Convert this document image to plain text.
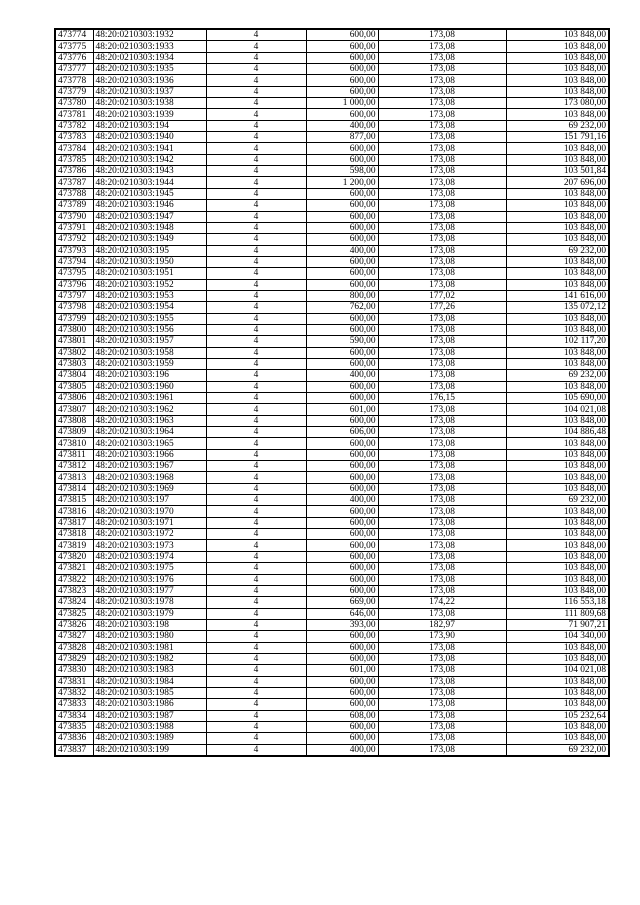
473774	48:20:0210303:1932	4	600,00	173,08	103 848,00
473775	48:20:0210303:1933	4	600,00	173,08	103 848,00
473776	48:20:0210303:1934	4	600,00	173,08	103 848,00
473777	48:20:0210303:1935	4	600,00	173,08	103 848,00
473778	48:20:0210303:1936	4	600,00	173,08	103 848,00
473779	48:20:0210303:1937	4	600,00	173,08	103 848,00
473780	48:20:0210303:1938	4	1 000,00	173,08	173 080,00
473781	48:20:0210303:1939	4	600,00	173,08	103 848,00
473782	48:20:0210303:194	4	400,00	173,08	69 232,00
473783	48:20:0210303:1940	4	877,00	173,08	151 791,16
473784	48:20:0210303:1941	4	600,00	173,08	103 848,00
473785	48:20:0210303:1942	4	600,00	173,08	103 848,00
473786	48:20:0210303:1943	4	598,00	173,08	103 501,84
473787	48:20:0210303:1944	4	1 200,00	173,08	207 696,00
473788	48:20:0210303:1945	4	600,00	173,08	103 848,00
473789	48:20:0210303:1946	4	600,00	173,08	103 848,00
473790	48:20:0210303:1947	4	600,00	173,08	103 848,00
473791	48:20:0210303:1948	4	600,00	173,08	103 848,00
473792	48:20:0210303:1949	4	600,00	173,08	103 848,00
473793	48:20:0210303:195	4	400,00	173,08	69 232,00
473794	48:20:0210303:1950	4	600,00	173,08	103 848,00
473795	48:20:0210303:1951	4	600,00	173,08	103 848,00
473796	48:20:0210303:1952	4	600,00	173,08	103 848,00
473797	48:20:0210303:1953	4	800,00	177,02	141 616,00
473798	48:20:0210303:1954	4	762,00	177,26	135 072,12
473799	48:20:0210303:1955	4	600,00	173,08	103 848,00
473800	48:20:0210303:1956	4	600,00	173,08	103 848,00
473801	48:20:0210303:1957	4	590,00	173,08	102 117,20
473802	48:20:0210303:1958	4	600,00	173,08	103 848,00
473803	48:20:0210303:1959	4	600,00	173,08	103 848,00
473804	48:20:0210303:196	4	400,00	173,08	69 232,00
473805	48:20:0210303:1960	4	600,00	173,08	103 848,00
473806	48:20:0210303:1961	4	600,00	176,15	105 690,00
473807	48:20:0210303:1962	4	601,00	173,08	104 021,08
473808	48:20:0210303:1963	4	600,00	173,08	103 848,00
473809	48:20:0210303:1964	4	606,00	173,08	104 886,48
473810	48:20:0210303:1965	4	600,00	173,08	103 848,00
473811	48:20:0210303:1966	4	600,00	173,08	103 848,00
473812	48:20:0210303:1967	4	600,00	173,08	103 848,00
473813	48:20:0210303:1968	4	600,00	173,08	103 848,00
473814	48:20:0210303:1969	4	600,00	173,08	103 848,00
473815	48:20:0210303:197	4	400,00	173,08	69 232,00
473816	48:20:0210303:1970	4	600,00	173,08	103 848,00
473817	48:20:0210303:1971	4	600,00	173,08	103 848,00
473818	48:20:0210303:1972	4	600,00	173,08	103 848,00
473819	48:20:0210303:1973	4	600,00	173,08	103 848,00
473820	48:20:0210303:1974	4	600,00	173,08	103 848,00
473821	48:20:0210303:1975	4	600,00	173,08	103 848,00
473822	48:20:0210303:1976	4	600,00	173,08	103 848,00
473823	48:20:0210303:1977	4	600,00	173,08	103 848,00
473824	48:20:0210303:1978	4	669,00	174,22	116 553,18
473825	48:20:0210303:1979	4	646,00	173,08	111 809,68
473826	48:20:0210303:198	4	393,00	182,97	71 907,21
473827	48:20:0210303:1980	4	600,00	173,90	104 340,00
473828	48:20:0210303:1981	4	600,00	173,08	103 848,00
473829	48:20:0210303:1982	4	600,00	173,08	103 848,00
473830	48:20:0210303:1983	4	601,00	173,08	104 021,08
473831	48:20:0210303:1984	4	600,00	173,08	103 848,00
473832	48:20:0210303:1985	4	600,00	173,08	103 848,00
473833	48:20:0210303:1986	4	600,00	173,08	103 848,00
473834	48:20:0210303:1987	4	608,00	173,08	105 232,64
473835	48:20:0210303:1988	4	600,00	173,08	103 848,00
473836	48:20:0210303:1989	4	600,00	173,08	103 848,00
473837	48:20:0210303:199	4	400,00	173,08	69 232,00
